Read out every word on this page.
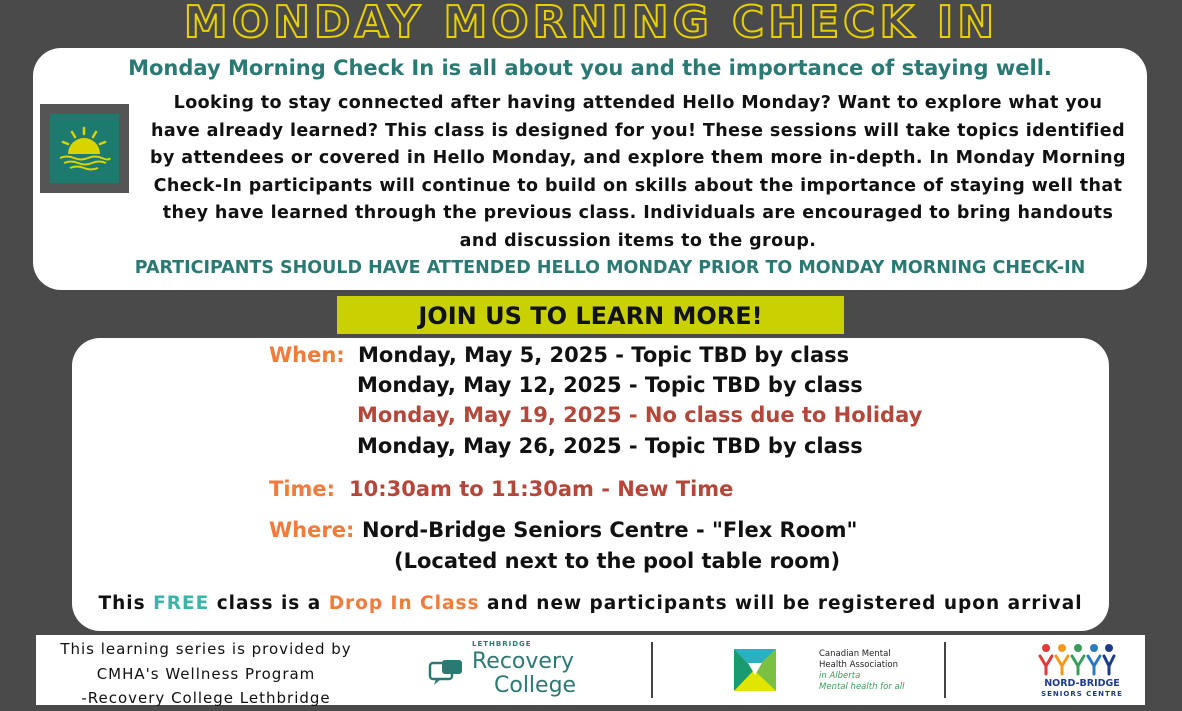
MONDAY MORNING CHECK IN
Monday Morning Check In is all about you and the importance of staying well.
Looking to stay connected after having attended Hello Monday? Want to explore what you
have already learned? This class is designed for you! These sessions will take topics identified
by attendees or covered in Hello Monday, and explore them more in-depth. In Monday Morning
Check-In participants will continue to build on skills about the importance of staying well that
they have learned through the previous class. Individuals are encouraged to bring handouts
and discussion items to the group.
PARTICIPANTS SHOULD HAVE ATTENDED HELLO MONDAY PRIOR TO MONDAY MORNING CHECK-IN
JOIN US TO LEARN MORE!
When: Monday, May 5, 2025 - Topic TBD by class
Monday, May 12, 2025 - Topic TBD by class
Monday, May 19, 2025 - No class due to Holiday
Monday, May 26, 2025 - Topic TBD by class
Time: 10:30am to 11:30am - New Time
Where: Nord-Bridge Seniors Centre - "Flex Room"
(Located next to the pool table room)
This FREE class is a Drop In Class and new participants will be registered upon arrival
This learning series is provided by
CMHA's Wellness Program
-Recovery College Lethbridge
LETHBRIDGE
Recovery
College
Canadian Mental
Health Association
in Alberta
Mental health for all	NORD-BRIDGE
SENIORS CENTRE
